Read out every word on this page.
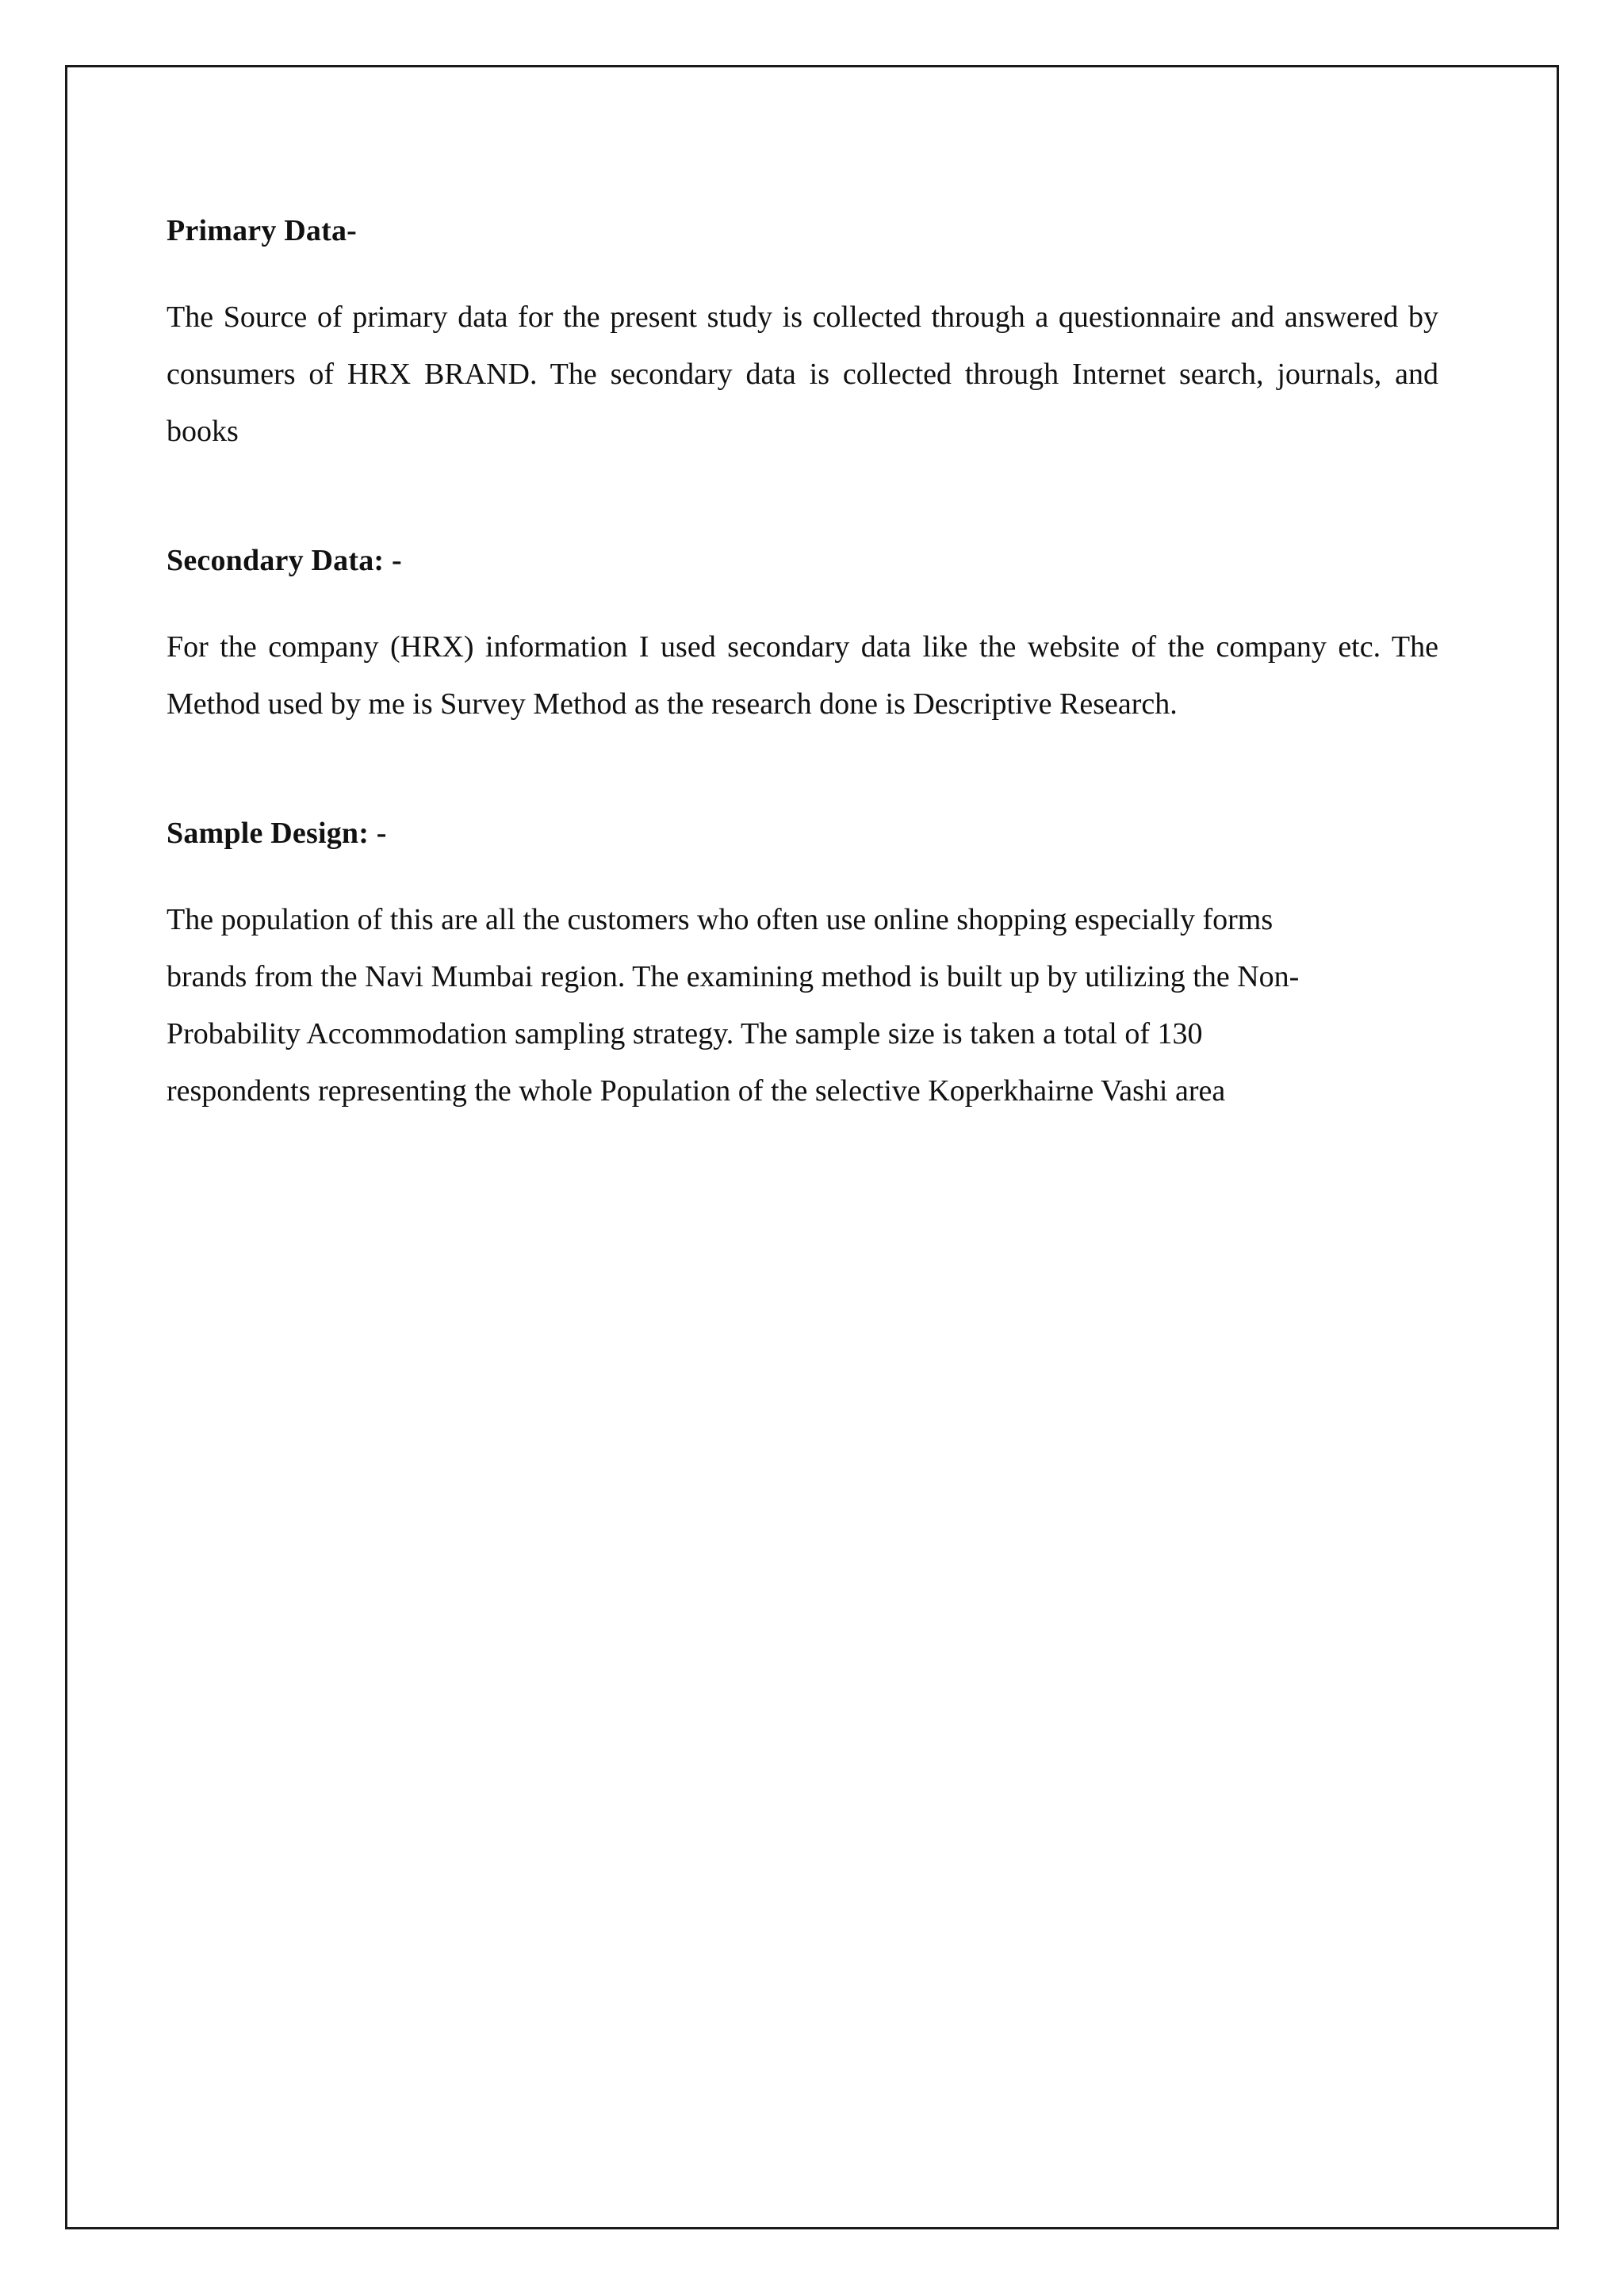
Primary Data-

The Source of primary data for the present study is collected through a questionnaire and answered by consumers of HRX BRAND. The secondary data is collected through Internet search, journals, and books

Secondary Data: -

For the company (HRX) information I used secondary data like the website of the company etc. The Method used by me is Survey Method as the research done is Descriptive Research.

Sample Design: -

The population of this are all the customers who often use online shopping especially forms
brands from the Navi Mumbai region. The examining method is built up by utilizing the Non-
Probability Accommodation sampling strategy. The sample size is taken a total of 130
respondents representing the whole Population of the selective Koperkhairne Vashi area
